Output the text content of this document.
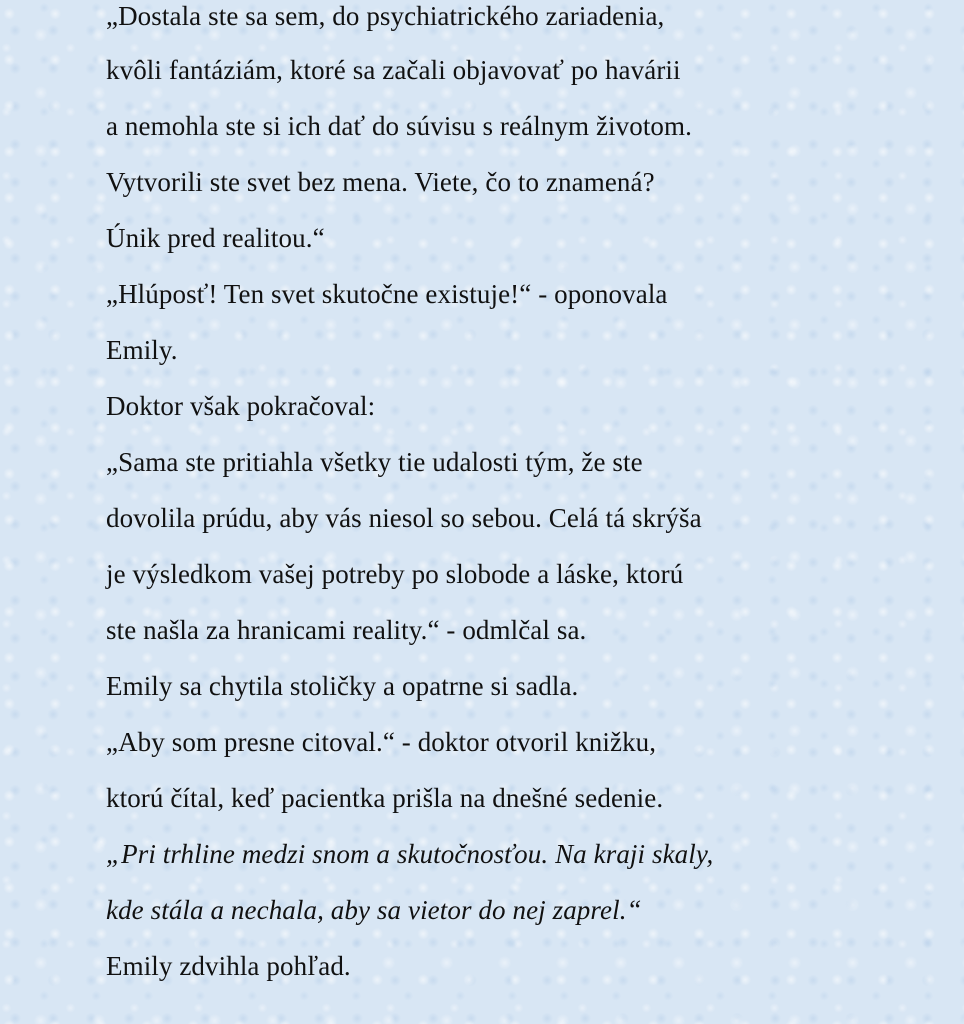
„Dostala ste sa sem, do psychiatrického zariadenia,
kvôli fantáziám, ktoré sa začali objavovať po havárii
a nemohla ste si ich dať do súvisu s reálnym životom.
Vytvorili ste svet bez mena. Viete, čo to znamená?
Únik pred realitou.“
„Hlúposť! Ten svet skutočne existuje!“ - oponovala
Emily.
Doktor však pokračoval:
„Sama ste pritiahla všetky tie udalosti tým, že ste
dovolila prúdu, aby vás niesol so sebou. Celá tá skrýša
je výsledkom vašej potreby po slobode a láske, ktorú
ste našla za hranicami reality.“ - odmlčal sa.
Emily sa chytila stoličky a opatrne si sadla.
„Aby som presne citoval.“ - doktor otvoril knižku,
ktorú čítal, keď pacientka prišla na dnešné sedenie.
„Pri trhline medzi snom a skutočnosťou. Na kraji skaly,
kde stála a nechala, aby sa vietor do nej zaprel.“
Emily zdvihla pohľad.
